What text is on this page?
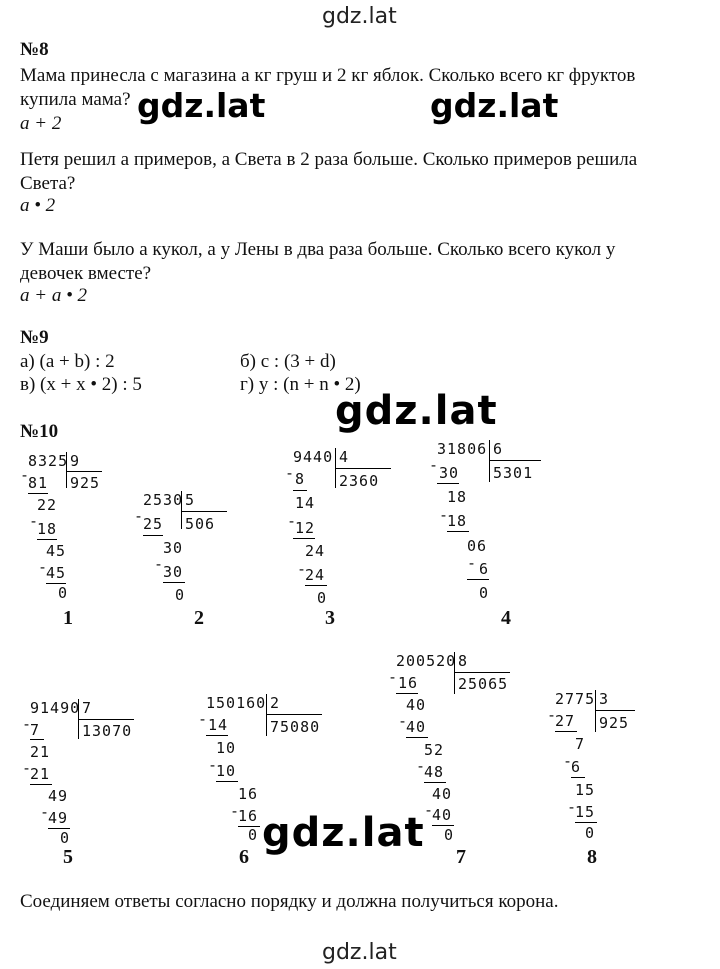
gdz.lat
gdz.lat	gdz.lat
gdz.lat
gdz.lat
gdz.lat
№8
Мама принесла с магазина а кг груш и 2 кг яблок. Сколько всего кг фруктов
купила мама?
a + 2
Петя решил а примеров, а Света в 2 раза больше. Сколько примеров решила
Света?
a • 2
У Маши было а кукол, а у Лены в два раза больше. Сколько всего кукол у
девочек вместе?
a + a • 2
№9
а) (a + b) : 2	б) c : (3 + d)
в) (x + x • 2) : 5	г) y : (n + n • 2)
№10
8325 9
925
-
81
22
-
18
45
-
45
0
1
2530 5
506
-
25
30
-
30
0
2
9440 4
2360
- 8
14
-
12
24
-
24
0
3
31806 6
5301
- 30
18
-
18
06
- 6
0
4
91490 7
13070
-
7
21
-
21
49
-
49
0
5
150160 2
75080
- 14
10
-
10
16
-
16
0
6
200520 8
25065
- 16
40
-
40
52
-
48
40
-
40
0
7
2775 3
925
-
27
7
-
6
15
-
15
0
8
Соединяем ответы согласно порядку и должна получиться корона.
